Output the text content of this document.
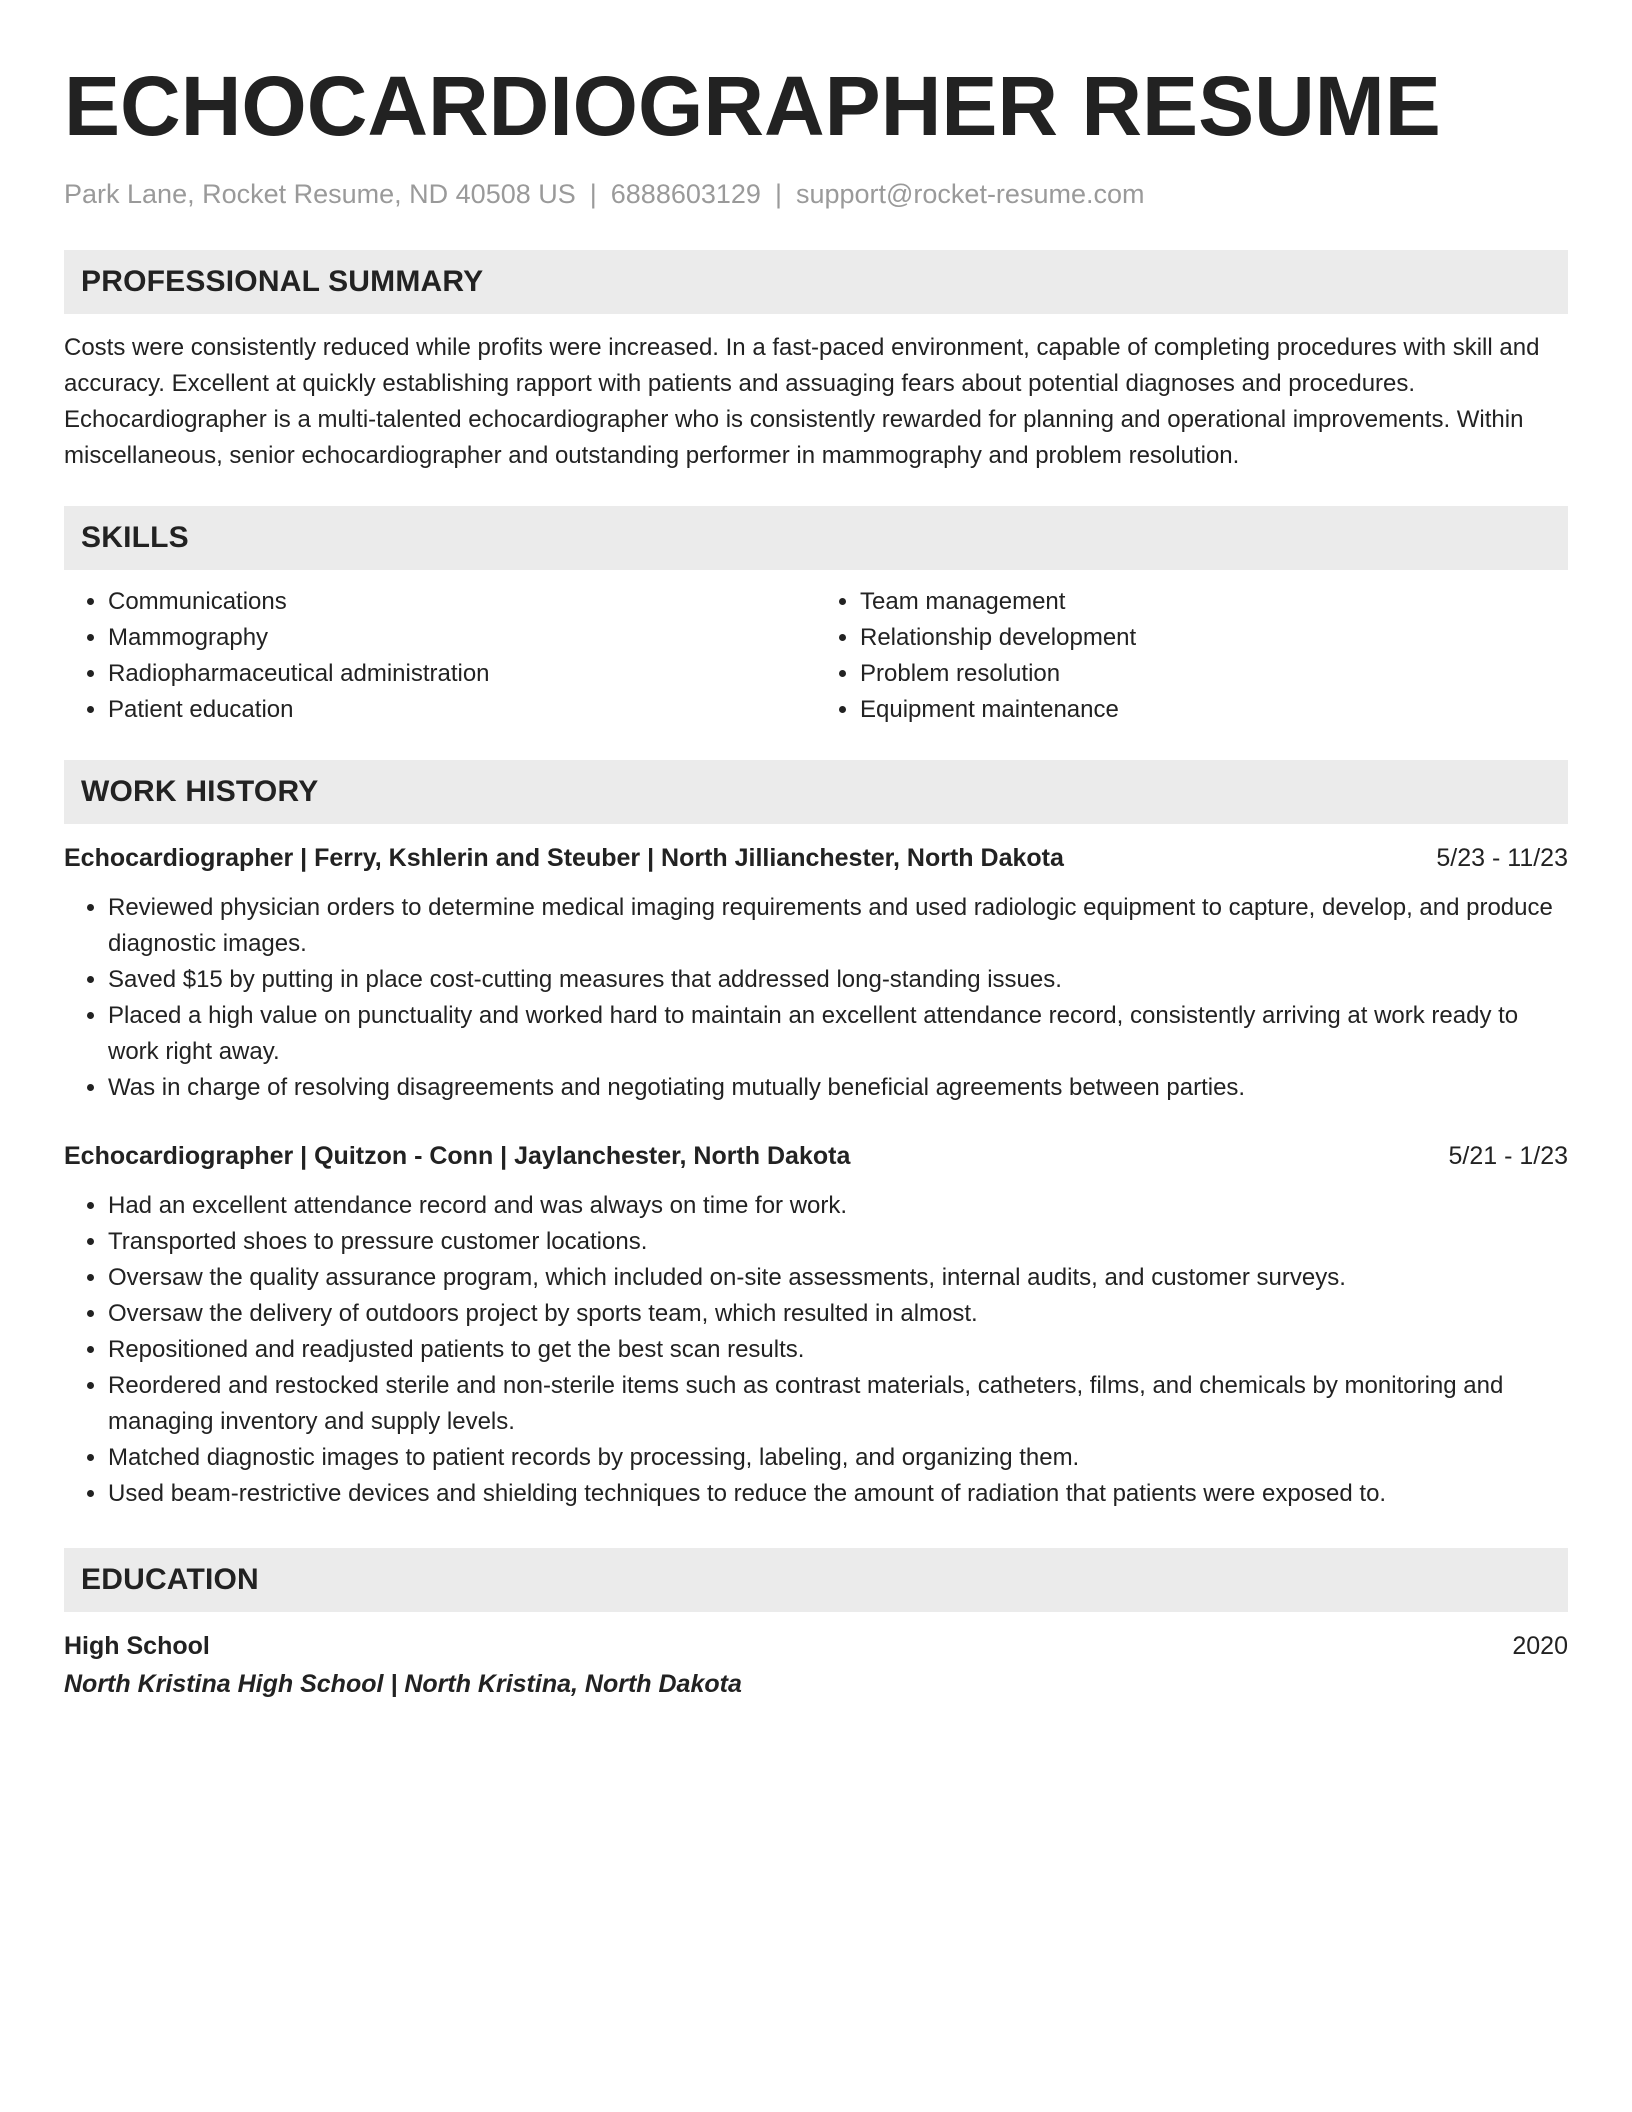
ECHOCARDIOGRAPHER RESUME
Park Lane, Rocket Resume, ND 40508 US | 6888603129 | support@rocket-resume.com
PROFESSIONAL SUMMARY

Costs were consistently reduced while profits were increased. In a fast-paced environment, capable of completing procedures with skill and accuracy. Excellent at quickly establishing rapport with patients and assuaging fears about potential diagnoses and procedures. Echocardiographer is a multi-talented echocardiographer who is consistently rewarded for planning and operational improvements. Within miscellaneous, senior echocardiographer and outstanding performer in mammography and problem resolution.

SKILLS
• Communications
• Mammography
• Radiopharmaceutical administration
• Patient education
• Team management
• Relationship development
• Problem resolution
• Equipment maintenance
WORK HISTORY
Echocardiographer | Ferry, Kshlerin and Steuber | North Jillianchester, North Dakota	5/23 - 11/23
• Reviewed physician orders to determine medical imaging requirements and used radiologic equipment to capture, develop, and produce diagnostic images.
• Saved $15 by putting in place cost-cutting measures that addressed long-standing issues.
• Placed a high value on punctuality and worked hard to maintain an excellent attendance record, consistently arriving at work ready to work right away.
• Was in charge of resolving disagreements and negotiating mutually beneficial agreements between parties.
Echocardiographer | Quitzon - Conn | Jaylanchester, North Dakota	5/21 - 1/23
• Had an excellent attendance record and was always on time for work.
• Transported shoes to pressure customer locations.
• Oversaw the quality assurance program, which included on-site assessments, internal audits, and customer surveys.
• Oversaw the delivery of outdoors project by sports team, which resulted in almost.
• Repositioned and readjusted patients to get the best scan results.
• Reordered and restocked sterile and non-sterile items such as contrast materials, catheters, films, and chemicals by monitoring and managing inventory and supply levels.
• Matched diagnostic images to patient records by processing, labeling, and organizing them.
• Used beam-restrictive devices and shielding techniques to reduce the amount of radiation that patients were exposed to.
EDUCATION
High School	2020
North Kristina High School | North Kristina, North Dakota
